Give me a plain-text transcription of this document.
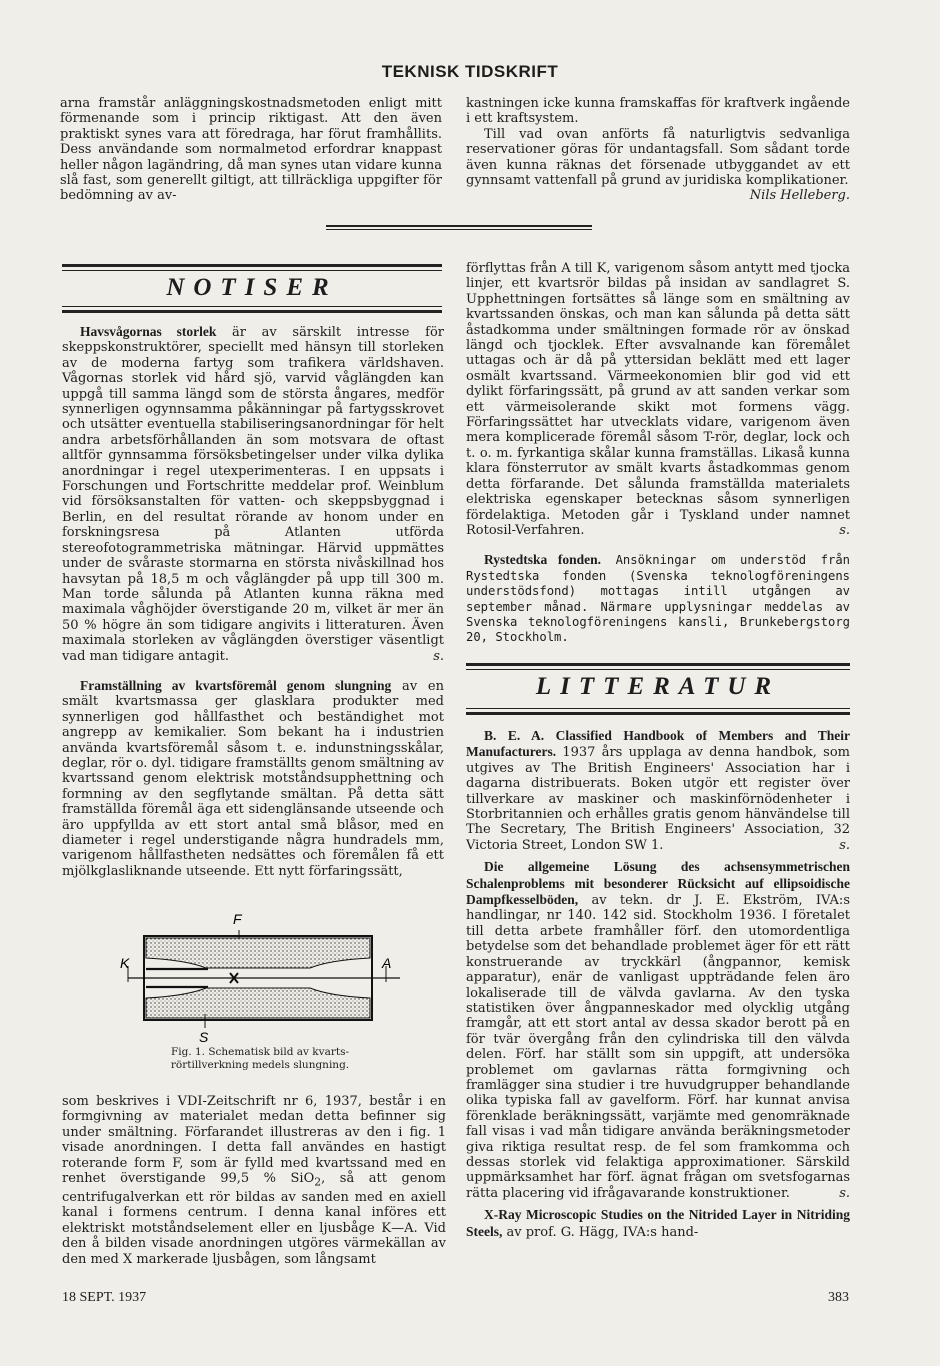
TEKNISK TIDSKRIFT

arna framstår anläggningskostnadsmetoden enligt mitt förmenande som i princip riktigast. Att den även praktiskt synes vara att föredraga, har förut framhållits. Dess användande som normalmetod erfordrar knappast heller någon lagändring, då man synes utan vidare kunna slå fast, som generellt giltigt, att tillräckliga uppgifter för bedömning av av-

kastningen icke kunna framskaffas för kraftverk ingående i ett kraftsystem.

Till vad ovan anförts få naturligtvis sedvanliga reservationer göras för undantagsfall. Som sådant torde även kunna räknas det försenade utbyggandet av ett gynnsamt vattenfall på grund av juridiska komplikationer.
Nils Helleberg.

NOTISER

Havsvågornas storlek är av särskilt intresse för skeppskonstruktörer, speciellt med hänsyn till storleken av de moderna fartyg som trafikera världshaven. Vågornas storlek vid hård sjö, varvid våglängden kan uppgå till samma längd som de största ångares, medför synnerligen ogynnsamma påkänningar på fartygsskrovet och utsätter eventuella stabiliseringsanordningar för helt andra arbetsförhållanden än som motsvara de oftast alltför gynnsamma försöksbetingelser under vilka dylika anordningar i regel utexperimenteras. I en uppsats i Forschungen und Fortschritte meddelar prof. Weinblum vid försöksanstalten för vatten- och skeppsbyggnad i Berlin, en del resultat rörande av honom under en forskningsresa på Atlanten utförda stereofotogrammetriska mätningar. Härvid uppmättes under de svåraste stormarna en största nivåskillnad hos havsytan på 18,5 m och våglängder på upp till 300 m. Man torde sålunda på Atlanten kunna räkna med maximala våghöjder överstigande 20 m, vilket är mer än 50 % högre än som tidigare angivits i litteraturen. Även maximala storleken av våglängden överstiger väsentligt vad man tidigare antagit.	s.

Framställning av kvartsföremål genom slungning av en smält kvartsmassa ger glasklara produkter med synnerligen god hållfasthet och beständighet mot angrepp av kemikalier. Som bekant ha i industrien använda kvartsföremål såsom t. e. indunstningsskålar, deglar, rör o. dyl. tidigare framställts genom smältning av kvartssand genom elektrisk motståndsupphettning och formning av den segflytande smältan. På detta sätt framställda föremål äga ett sidenglänsande utseende och äro uppfyllda av ett stort antal små blåsor, med en diameter i regel understigande några hundradels mm, varigenom hållfastheten nedsättes och föremålen få ett mjölkglasliknande utseende. Ett nytt förfaringssätt,

F
K	A
S
Fig. 1. Schematisk bild av kvarts-
rörtillverkning medels slungning.

som beskrives i VDI-Zeitschrift nr 6, 1937, består i en formgivning av materialet medan detta befinner sig under smältning. Förfarandet illustreras av den i fig. 1 visade anordningen. I detta fall användes en hastigt roterande form F, som är fylld med kvartssand med en renhet överstigande 99,5 % SiO$_2$, så att genom centrifugalverkan ett rör bildas av sanden med en axiell kanal i formens centrum. I denna kanal införes ett elektriskt motståndselement eller en ljusbåge K—A. Vid den å bilden visade anordningen utgöres värmekällan av den med X markerade ljusbågen, som långsamt

förflyttas från A till K, varigenom såsom antytt med tjocka linjer, ett kvartsrör bildas på insidan av sandlagret S. Upphettningen fortsättes så länge som en smältning av kvartssanden önskas, och man kan sålunda på detta sätt åstadkomma under smältningen formade rör av önskad längd och tjocklek. Efter avsvalnande kan föremålet uttagas och är då på yttersidan beklätt med ett lager osmält kvartssand. Värmeekonomien blir god vid ett dylikt förfaringssätt, på grund av att sanden verkar som ett värmeisolerande skikt mot formens vägg. Förfaringssättet har utvecklats vidare, varigenom även mera komplicerade föremål såsom T-rör, deglar, lock och t. o. m. fyrkantiga skålar kunna framställas. Likaså kunna klara fönsterrutor av smält kvarts åstadkommas genom detta förfarande. Det sålunda framställda materialets elektriska egenskaper betecknas såsom synnerligen fördelaktiga. Metoden går i Tyskland under namnet Rotosil-Verfahren.	s.

Rystedtska fonden. Ansökningar om understöd från Rystedtska fonden (Svenska teknologföreningens understödsfond) mottagas intill utgången av september månad. Närmare upplysningar meddelas av Svenska teknologföreningens kansli, Brunkebergstorg 20, Stockholm.

LITTERATUR

B. E. A. Classified Handbook of Members and Their Manufacturers. 1937 års upplaga av denna handbok, som utgives av The British Engineers' Association har i dagarna distribuerats. Boken utgör ett register över tillverkare av maskiner och maskinförnödenheter i Storbritannien och erhålles gratis genom hänvändelse till The Secretary, The British Engineers' Association, 32 Victoria Street, London SW 1.	s.

Die allgemeine Lösung des achsensymmetrischen Schalenproblems mit besonderer Rücksicht auf ellipsoidische Dampfkesselböden, av tekn. dr J. E. Ekström, IVA:s handlingar, nr 140. 142 sid. Stockholm 1936. I företalet till detta arbete framhåller förf. den utomordentliga betydelse som det behandlade problemet äger för ett rätt konstruerande av tryckkärl (ångpannor, kemisk apparatur), enär de vanligast uppträdande felen äro lokaliserade till de välvda gavlarna. Av den tyska statistiken över ångpanneskador med olycklig utgång framgår, att ett stort antal av dessa skador berott på en för tvär övergång från den cylindriska till den välvda delen. Förf. har ställt som sin uppgift, att undersöka problemet om gavlarnas rätta formgivning och framlägger sina studier i tre huvudgrupper behandlande olika typiska fall av gavelform. Förf. har kunnat anvisa förenklade beräkningssätt, varjämte med genomräknade fall visas i vad mån tidigare använda beräkningsmetoder giva riktiga resultat resp. de fel som framkomma och dessas storlek vid felaktiga approximationer. Särskild uppmärksamhet har förf. ägnat frågan om svetsfogarnas rätta placering vid ifrågavarande konstruktioner.	s.

X-Ray Microscopic Studies on the Nitrided Layer in Nitriding Steels, av prof. G. Hägg, IVA:s hand-

18 SEPT. 1937	383
